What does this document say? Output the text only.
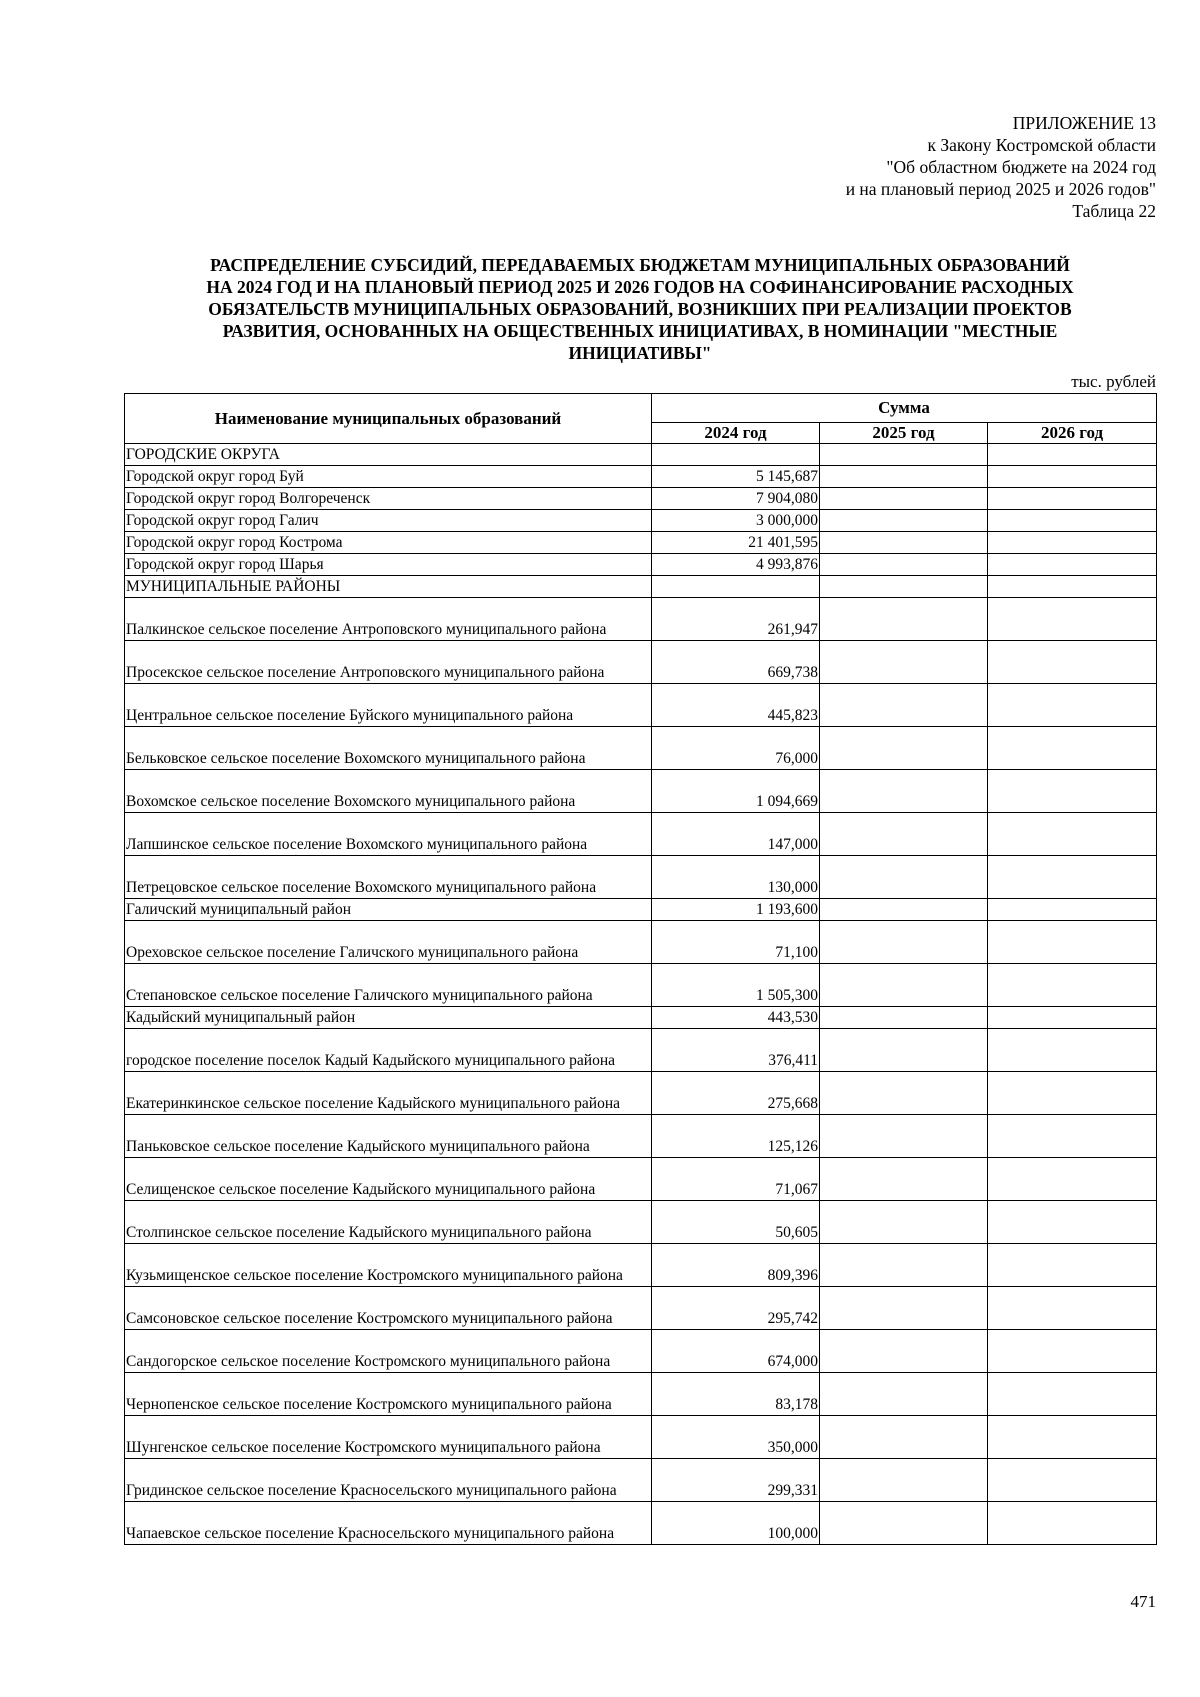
ПРИЛОЖЕНИЕ 13
к Закону Костромской области
"Об областном бюджете на 2024 год
и на плановый период 2025 и 2026 годов"
Таблица 22
РАСПРЕДЕЛЕНИЕ СУБСИДИЙ, ПЕРЕДАВАЕМЫХ БЮДЖЕТАМ МУНИЦИПАЛЬНЫХ ОБРАЗОВАНИЙ
НА 2024 ГОД И НА ПЛАНОВЫЙ ПЕРИОД 2025 И 2026 ГОДОВ НА СОФИНАНСИРОВАНИЕ РАСХОДНЫХ
ОБЯЗАТЕЛЬСТВ МУНИЦИПАЛЬНЫХ ОБРАЗОВАНИЙ, ВОЗНИКШИХ ПРИ РЕАЛИЗАЦИИ ПРОЕКТОВ
РАЗВИТИЯ, ОСНОВАННЫХ НА ОБЩЕСТВЕННЫХ ИНИЦИАТИВАХ, В НОМИНАЦИИ "МЕСТНЫЕ
ИНИЦИАТИВЫ"
тыс. рублей
Наименование муниципальных образований	Сумма		
	2024 год	2025 год	2026 год
ГОРОДСКИЕ ОКРУГА			
Городской округ город Буй	5 145,687		
Городской округ город Волгореченск	7 904,080		
Городской округ город Галич	3 000,000		
Городской округ город Кострома	21 401,595		
Городской округ город Шарья	4 993,876		
МУНИЦИПАЛЬНЫЕ РАЙОНЫ			
Палкинское сельское поселение Антроповского муниципального района	261,947		
Просекское сельское поселение Антроповского муниципального района	669,738		
Центральное сельское поселение Буйского муниципального района	445,823		
Бельковское сельское поселение Вохомского муниципального района	76,000		
Вохомское сельское поселение Вохомского муниципального района	1 094,669		
Лапшинское сельское поселение Вохомского муниципального района	147,000		
Петрецовское сельское поселение Вохомского муниципального района	130,000		
Галичский муниципальный район	1 193,600		
Ореховское сельское поселение Галичского муниципального района	71,100		
Степановское сельское поселение Галичского муниципального района	1 505,300		
Кадыйский муниципальный район	443,530		
городское поселение поселок Кадый Кадыйского муниципального района	376,411		
Екатеринкинское сельское поселение Кадыйского муниципального района	275,668		
Паньковское сельское поселение Кадыйского муниципального района	125,126		
Селищенское сельское поселение Кадыйского муниципального района	71,067		
Столпинское сельское поселение Кадыйского муниципального района	50,605		
Кузьмищенское сельское поселение Костромского муниципального района	809,396		
Самсоновское сельское поселение Костромского муниципального района	295,742		
Сандогорское сельское поселение Костромского муниципального района	674,000		
Чернопенское сельское поселение Костромского муниципального района	83,178		
Шунгенское сельское поселение Костромского муниципального района	350,000		
Гридинское сельское поселение Красносельского муниципального района	299,331		
Чапаевское сельское поселение Красносельского муниципального района	100,000		
471
